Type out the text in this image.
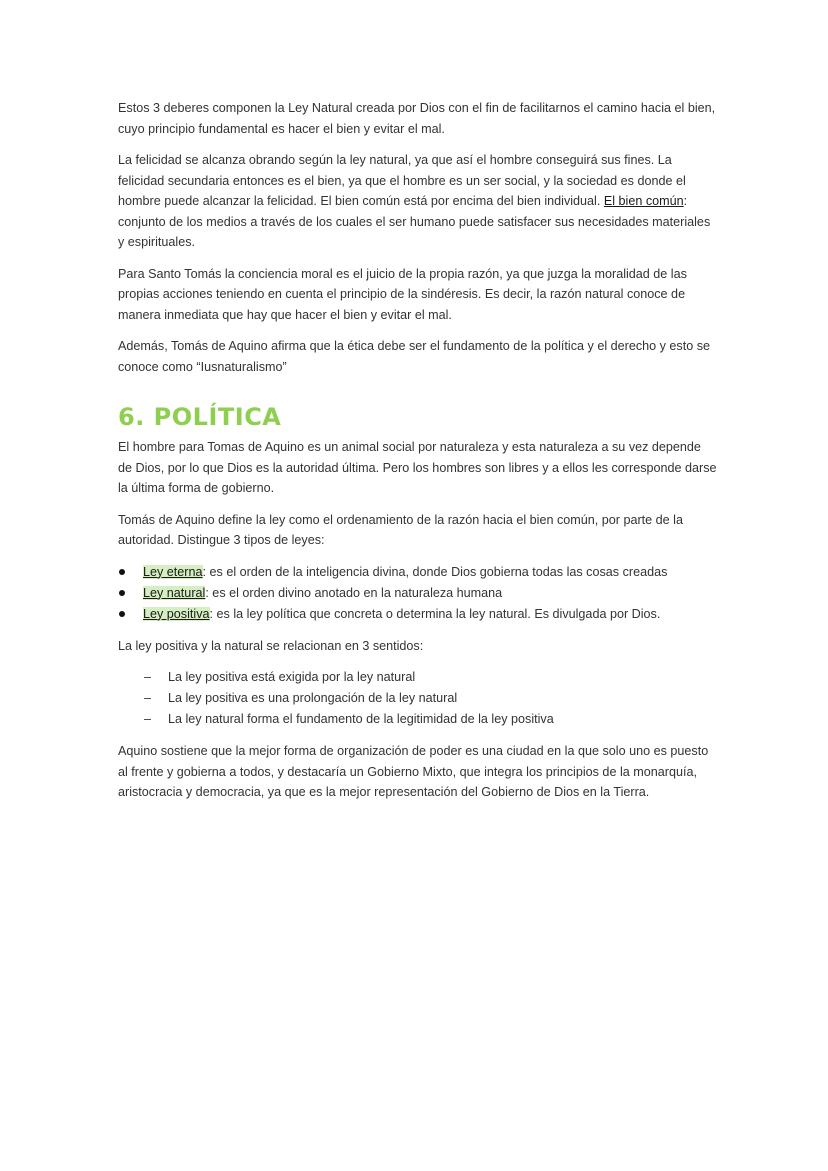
Estos 3 deberes componen la Ley Natural creada por Dios con el fin de facilitarnos el camino hacia el bien, cuyo principio fundamental es hacer el bien y evitar el mal.

La felicidad se alcanza obrando según la ley natural, ya que así el hombre conseguirá sus fines. La felicidad secundaria entonces es el bien, ya que el hombre es un ser social, y la sociedad es donde el hombre puede alcanzar la felicidad. El bien común está por encima del bien individual. El bien común: conjunto de los medios a través de los cuales el ser humano puede satisfacer sus necesidades materiales y espirituales.

Para Santo Tomás la conciencia moral es el juicio de la propia razón, ya que juzga la moralidad de las propias acciones teniendo en cuenta el principio de la sindéresis. Es decir, la razón natural conoce de manera inmediata que hay que hacer el bien y evitar el mal.

Además, Tomás de Aquino afirma que la ética debe ser el fundamento de la política y el derecho y esto se conoce como “Iusnaturalismo”

6. POLÍTICA

El hombre para Tomas de Aquino es un animal social por naturaleza y esta naturaleza a su vez depende de Dios, por lo que Dios es la autoridad última. Pero los hombres son libres y a ellos les corresponde darse la última forma de gobierno.

Tomás de Aquino define la ley como el ordenamiento de la razón hacia el bien común, por parte de la autoridad. Distingue 3 tipos de leyes:

Ley eterna: es el orden de la inteligencia divina, donde Dios gobierna todas las cosas creadas
Ley natural: es el orden divino anotado en la naturaleza humana
Ley positiva: es la ley política que concreta o determina la ley natural. Es divulgada por Dios.

La ley positiva y la natural se relacionan en 3 sentidos:

– La ley positiva está exigida por la ley natural
– La ley positiva es una prolongación de la ley natural
– La ley natural forma el fundamento de la legitimidad de la ley positiva

Aquino sostiene que la mejor forma de organización de poder es una ciudad en la que solo uno es puesto al frente y gobierna a todos, y destacaría un Gobierno Mixto, que integra los principios de la monarquía, aristocracia y democracia, ya que es la mejor representación del Gobierno de Dios en la Tierra.
